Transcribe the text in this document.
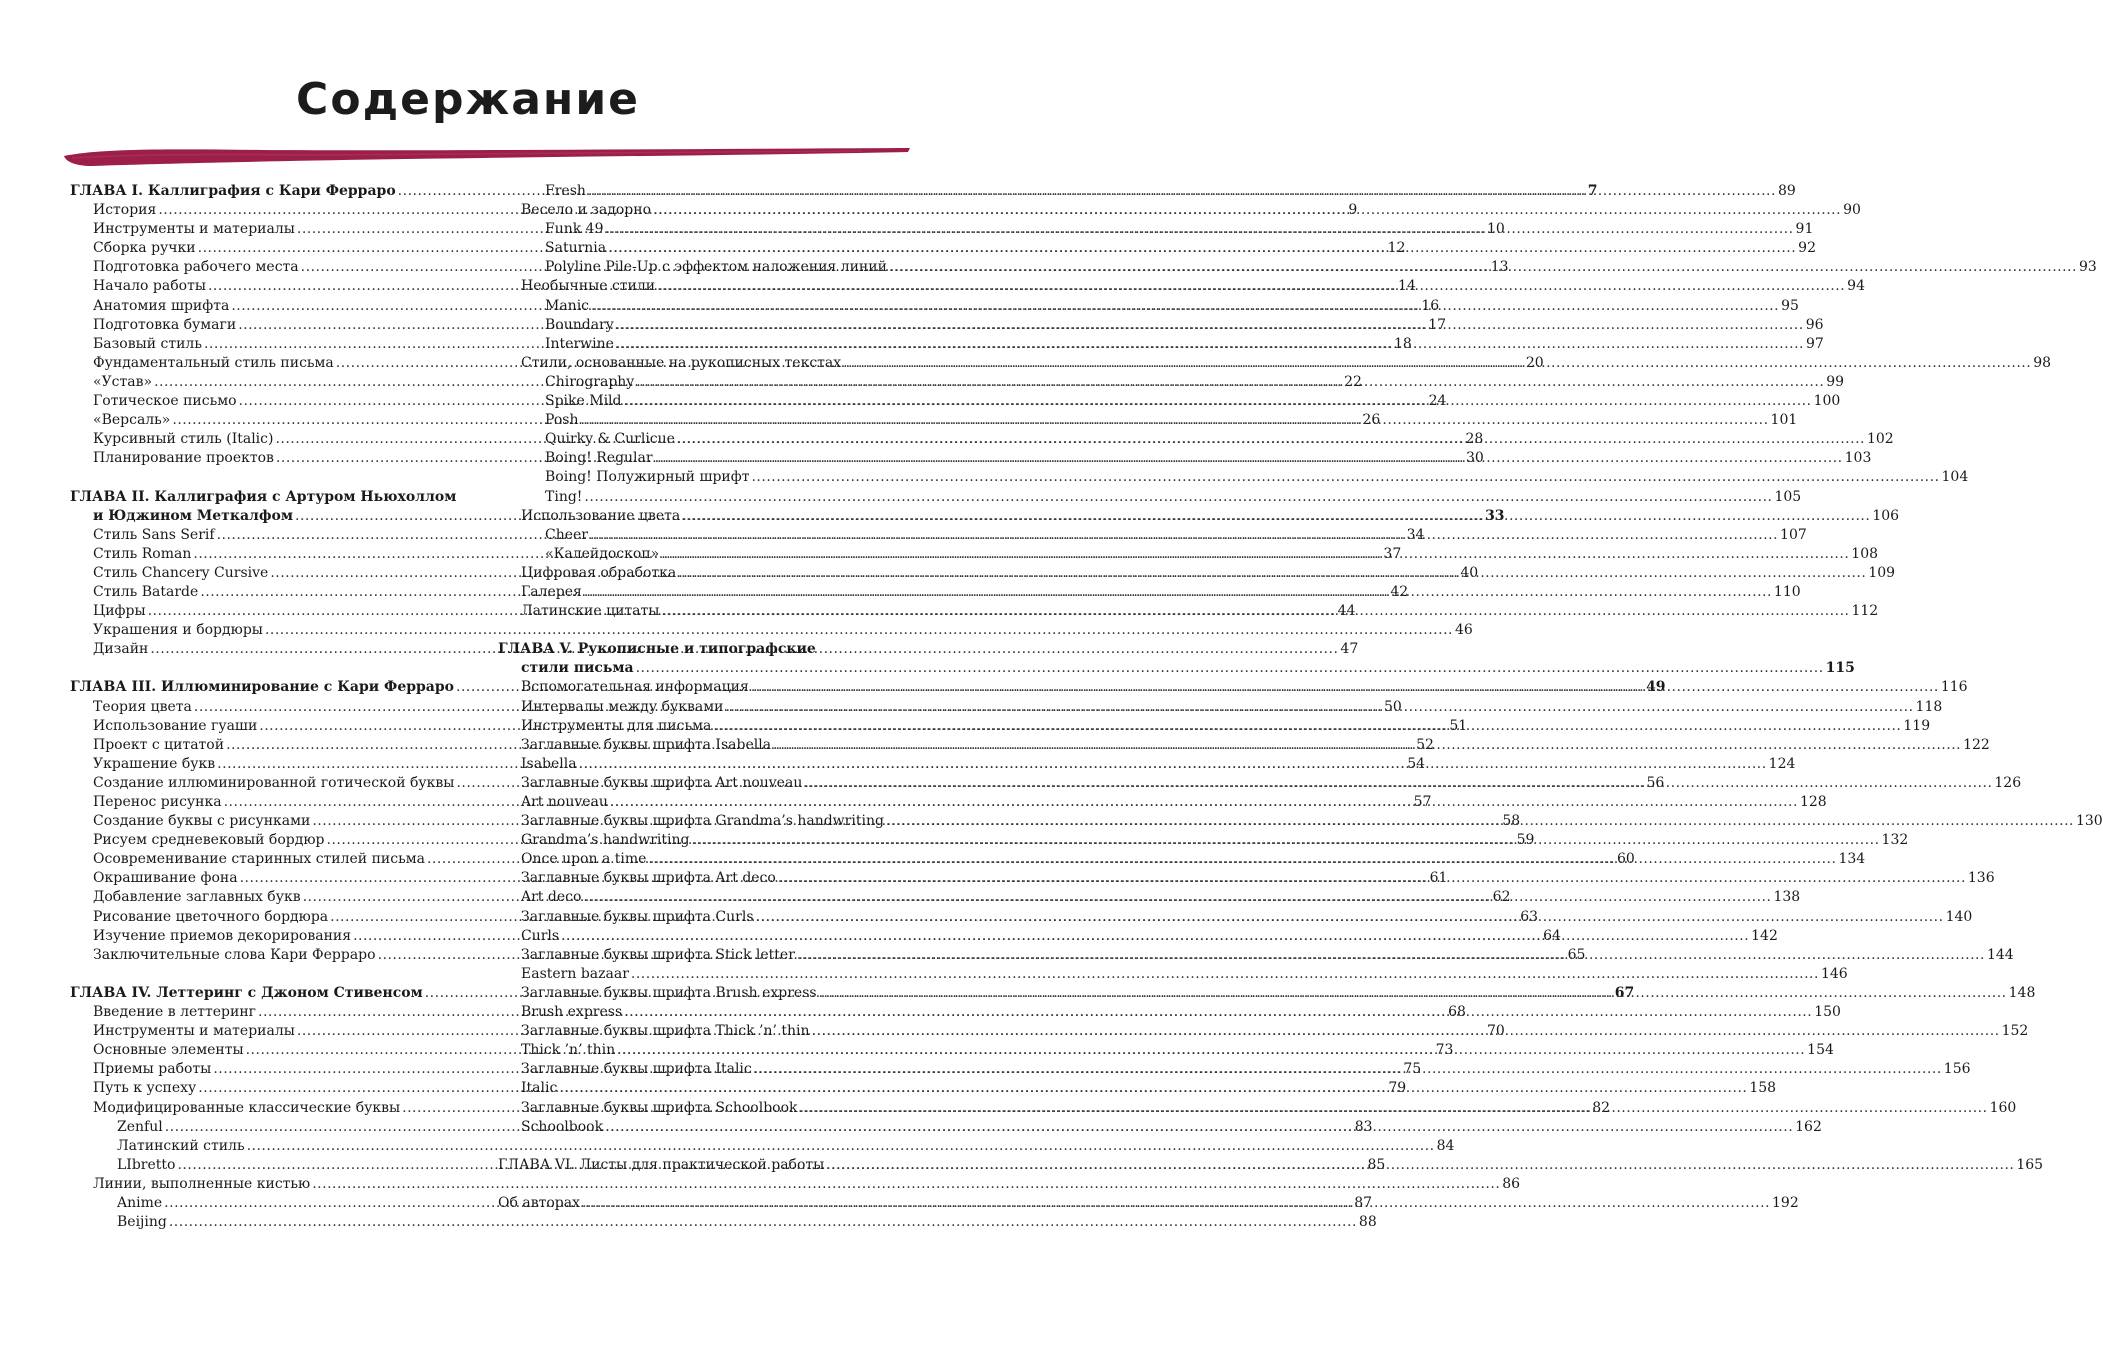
Содержание
ГЛАВА I. Каллиграфия с Кари Ферраро .....	7
История .....	9
Инструменты и материалы .....	10
Сборка ручки .....	12
Подготовка рабочего места .....	13
Начало работы .....	14
Анатомия шрифта .....	16
Подготовка бумаги .....	17
Базовый стиль .....	18
Фундаментальный стиль письма .....	20
«Устав» .....	22
Готическое письмо .....	24
«Версаль» .....	26
Курсивный стиль (Italic) .....	28
Планирование проектов .....	30
ГЛАВА II. Каллиграфия с Артуром Ньюхоллом
и Юджином Меткалфом .....	33
Стиль Sans Serif .....	34
Стиль Roman .....	37
Стиль Chancery Cursive .....	40
Стиль Batarde .....	42
Цифры .....	44
Украшения и бордюры .....	46
Дизайн .....	47
ГЛАВА III. Иллюминирование с Кари Ферраро .....	49
Теория цвета .....	50
Использование гуаши .....	51
Проект с цитатой .....	52
Украшение букв .....	54
Создание иллюминированной готической буквы .....	56
Перенос рисунка .....	57
Создание буквы с рисунками .....	58
Рисуем средневековый бордюр .....	59
Осовременивание старинных стилей письма .....	60
Окрашивание фона .....	61
Добавление заглавных букв .....	62
Рисование цветочного бордюра .....	63
Изучение приемов декорирования .....	64
Заключительные слова Кари Ферраро .....	65
ГЛАВА IV. Леттеринг с Джоном Стивенсом .....	67
Введение в леттеринг .....	68
Инструменты и материалы .....	70
Основные элементы .....	73
Приемы работы .....	75
Путь к успеху .....	79
Модифицированные классические буквы .....	82
Zenful .....	83
Латинский стиль .....	84
LIbretto .....	85
Линии, выполненные кистью .....	86
Anime .....	87
Beijing .....	88
Fresh .....	89
Весело и задорно .....	90
Funk 49 .....	91
Saturnia .....	92
Polyline Pile-Up с эффектом наложения линий .....	93
Необычные стили .....	94
Manic .....	95
Boundary .....	96
Interwine .....	97
Стили, основанные на рукописных текстах .....	98
Chirography .....	99
Spike Mild .....	100
Posh .....	101
Quirky & Curlicue .....	102
Boing! Regular .....	103
Boing! Полужирный шрифт .....	104
Ting! .....	105
Использование цвета .....	106
Cheer .....	107
«Калейдоскоп» .....	108
Цифровая обработка .....	109
Галерея .....	110
Латинские цитаты .....	112
ГЛАВА V. Рукописные и типографские
стили письма .....	115
Вспомогательная информация .....	116
Интервалы между буквами .....	118
Инструменты для письма .....	119
Заглавные буквы шрифта Isabella .....	122
Isabella .....	124
Заглавные буквы шрифта Art nouveau .....	126
Art nouveau .....	128
Заглавные буквы шрифта Grandma’s handwriting .....	130
Grandma’s handwriting .....	132
Once upon a time .....	134
Заглавные буквы шрифта Art deco .....	136
Art deco .....	138
Заглавные буквы шрифта Curls .....	140
Curls .....	142
Заглавные буквы шрифта Stick letter .....	144
Eastern bazaar .....	146
Заглавные буквы шрифта Brush express .....	148
Brush express .....	150
Заглавные буквы шрифта Thick ’n’ thin .....	152
Thick ’n’ thin .....	154
Заглавные буквы шрифта Italic .....	156
Italic .....	158
Заглавные буквы шрифта Schoolbook .....	160
Schoolbook .....	162
ГЛАВА VI. Листы для практической работы .....	165
Об авторах .....	192
